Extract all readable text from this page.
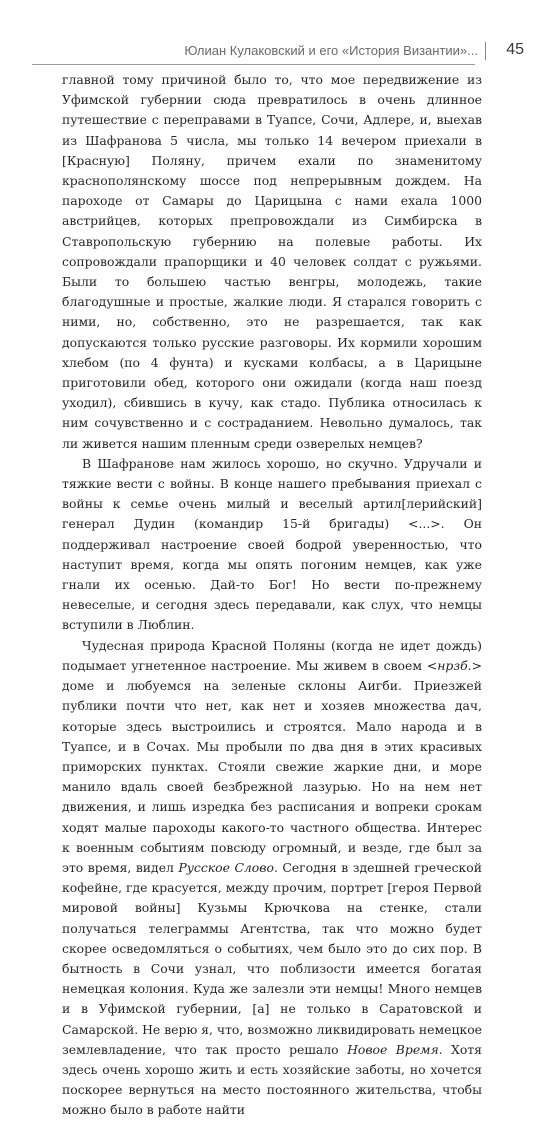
Юлиан Кулаковский и его «История Византии»... 45

главной тому причиной было то, что мое передвижение из Уфимской губернии сюда превратилось в очень длинное путешествие с переправами в Туапсе, Сочи, Адлере, и, выехав из Шафранова 5 числа, мы только 14 вечером приехали в [Красную] Поляну, причем ехали по знаменитому краснополянскому шоссе под непрерывным дождем. На пароходе от Самары до Царицына с нами ехала 1000 австрийцев, которых препровождали из Симбирска в Ставропольскую губернию на полевые работы. Их сопровождали прапорщики и 40 человек солдат с ружьями. Были то большею частью венгры, молодежь, такие благодушные и простые, жалкие люди. Я старался говорить с ними, но, собственно, это не разрешается, так как допускаются только русские разговоры. Их кормили хорошим хлебом (по 4 фунта) и кусками колбасы, а в Царицыне приготовили обед, которого они ожидали (когда наш поезд уходил), сбившись в кучу, как стадо. Публика относилась к ним сочувственно и с состраданием. Невольно думалось, так ли живется нашим пленным среди озверелых немцев?

В Шафранове нам жилось хорошо, но скучно. Удручали и тяжкие вести с войны. В конце нашего пребывания приехал с войны к семье очень милый и веселый артил[лерийский] генерал Дудин (командир 15-й бригады) <...>. Он поддерживал настроение своей бодрой уверенностью, что наступит время, когда мы опять погоним немцев, как уже гнали их осенью. Дай-то Бог! Но вести по-прежнему невеселые, и сегодня здесь передавали, как слух, что немцы вступили в Люблин.

Чудесная природа Красной Поляны (когда не идет дождь) подымает угнетенное настроение. Мы живем в своем <нрзб.> доме и любуемся на зеленые склоны Аигби. Приезжей публики почти что нет, как нет и хозяев множества дач, которые здесь выстроились и строятся. Мало народа и в Туапсе, и в Сочах. Мы пробыли по два дня в этих красивых приморских пунктах. Стояли свежие жаркие дни, и море манило вдаль своей безбрежной лазурью. Но на нем нет движения, и лишь изредка без расписания и вопреки срокам ходят малые пароходы какого-то частного общества. Интерес к военным событиям повсюду огромный, и везде, где был за это время, видел Русское Слово. Сегодня в здешней греческой кофейне, где красуется, между прочим, портрет [героя Первой мировой войны] Кузьмы Крючкова на стенке, стали получаться телеграммы Агентства, так что можно будет скорее осведомляться о событиях, чем было это до сих пор. В бытность в Сочи узнал, что поблизости имеется богатая немецкая колония. Куда же залезли эти немцы! Много немцев и в Уфимской губернии, [а] не только в Саратовской и Самарской. Не верю я, что, возможно ликвидировать немецкое землевладение, что так просто решало Новое Время. Хотя здесь очень хорошо жить и есть хозяйские заботы, но хочется поскорее вернуться на место постоянного жительства, чтобы можно было в работе найти
